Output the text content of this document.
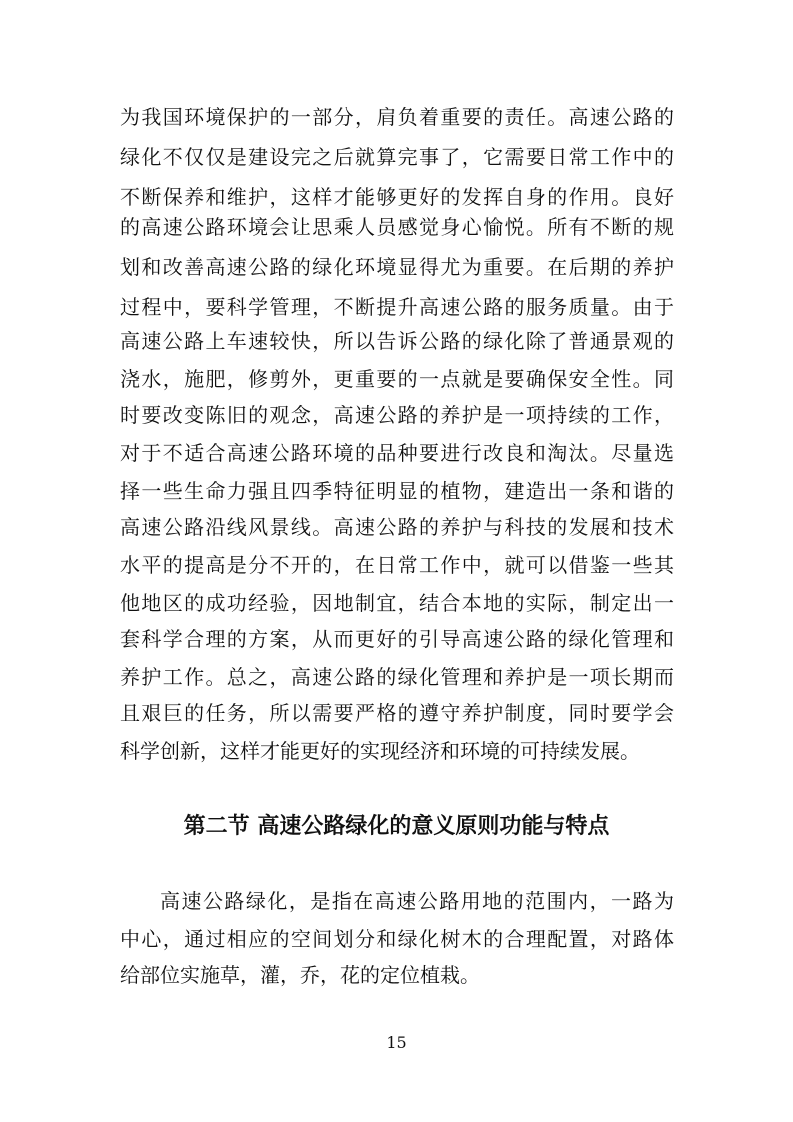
为我国环境保护的一部分，肩负着重要的责任。高速公路的
绿化不仅仅是建设完之后就算完事了，它需要日常工作中的
不断保养和维护，这样才能够更好的发挥自身的作用。良好
的高速公路环境会让思乘人员感觉身心愉悦。所有不断的规
划和改善高速公路的绿化环境显得尤为重要。在后期的养护
过程中，要科学管理，不断提升高速公路的服务质量。由于
高速公路上车速较快，所以告诉公路的绿化除了普通景观的
浇水，施肥，修剪外，更重要的一点就是要确保安全性。同
时要改变陈旧的观念，高速公路的养护是一项持续的工作，
对于不适合高速公路环境的品种要进行改良和淘汰。尽量选
择一些生命力强且四季特征明显的植物，建造出一条和谐的
高速公路沿线风景线。高速公路的养护与科技的发展和技术
水平的提高是分不开的，在日常工作中，就可以借鉴一些其
他地区的成功经验，因地制宜，结合本地的实际，制定出一
套科学合理的方案，从而更好的引导高速公路的绿化管理和
养护工作。总之，高速公路的绿化管理和养护是一项长期而
且艰巨的任务，所以需要严格的遵守养护制度，同时要学会
科学创新，这样才能更好的实现经济和环境的可持续发展。
第二节 高速公路绿化的意义原则功能与特点
高速公路绿化，是指在高速公路用地的范围内，一路为
中心，通过相应的空间划分和绿化树木的合理配置，对路体
给部位实施草，灌，乔，花的定位植栽。
15
